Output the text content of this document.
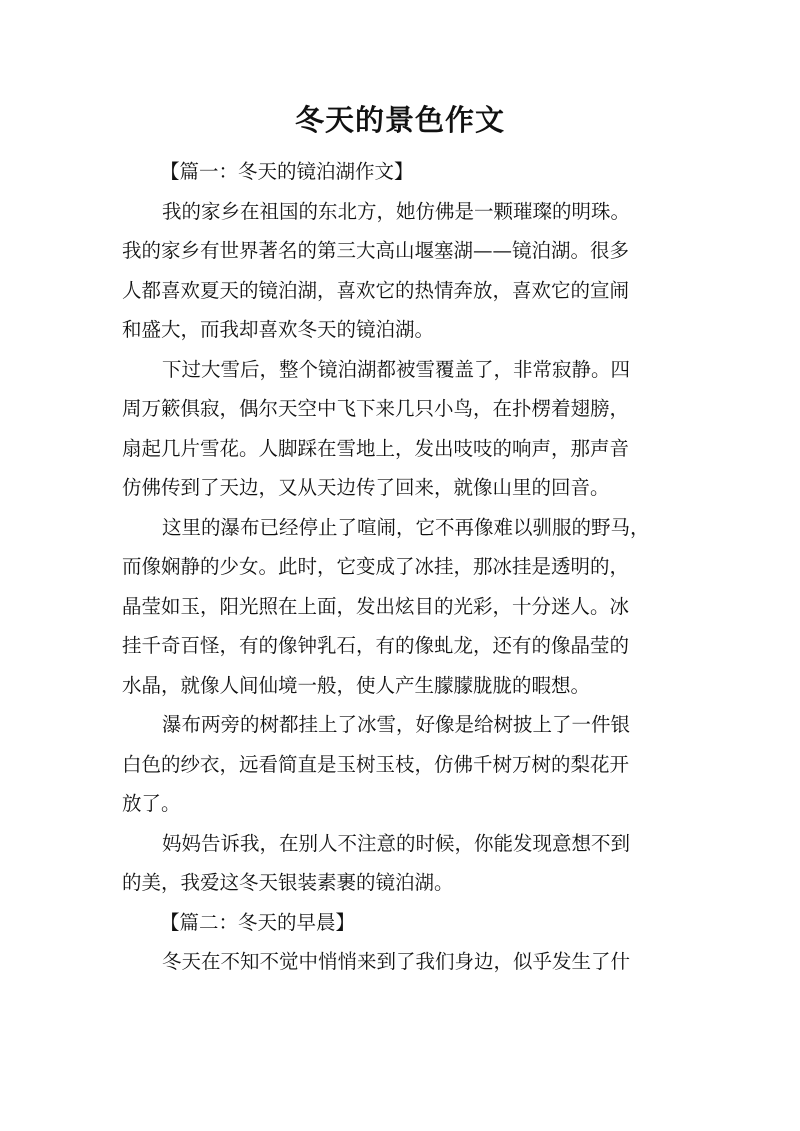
冬天的景色作文

【篇一：冬天的镜泊湖作文】

我的家乡在祖国的东北方，她仿佛是一颗璀璨的明珠。
我的家乡有世界著名的第三大高山堰塞湖——镜泊湖。很多
人都喜欢夏天的镜泊湖，喜欢它的热情奔放，喜欢它的宣闹
和盛大，而我却喜欢冬天的镜泊湖。

下过大雪后，整个镜泊湖都被雪覆盖了，非常寂静。四
周万簌俱寂，偶尔天空中飞下来几只小鸟，在扑楞着翅膀，
扇起几片雪花。人脚踩在雪地上，发出吱吱的响声，那声音
仿佛传到了天边，又从天边传了回来，就像山里的回音。

这里的瀑布已经停止了喧闹，它不再像难以驯服的野马，
而像娴静的少女。此时，它变成了冰挂，那冰挂是透明的，
晶莹如玉，阳光照在上面，发出炫目的光彩，十分迷人。冰
挂千奇百怪，有的像钟乳石，有的像虬龙，还有的像晶莹的
水晶，就像人间仙境一般，使人产生朦朦胧胧的暇想。

瀑布两旁的树都挂上了冰雪，好像是给树披上了一件银
白色的纱衣，远看简直是玉树玉枝，仿佛千树万树的梨花开
放了。

妈妈告诉我，在别人不注意的时候，你能发现意想不到
的美，我爱这冬天银装素裹的镜泊湖。

【篇二：冬天的早晨】

冬天在不知不觉中悄悄来到了我们身边，似乎发生了什
